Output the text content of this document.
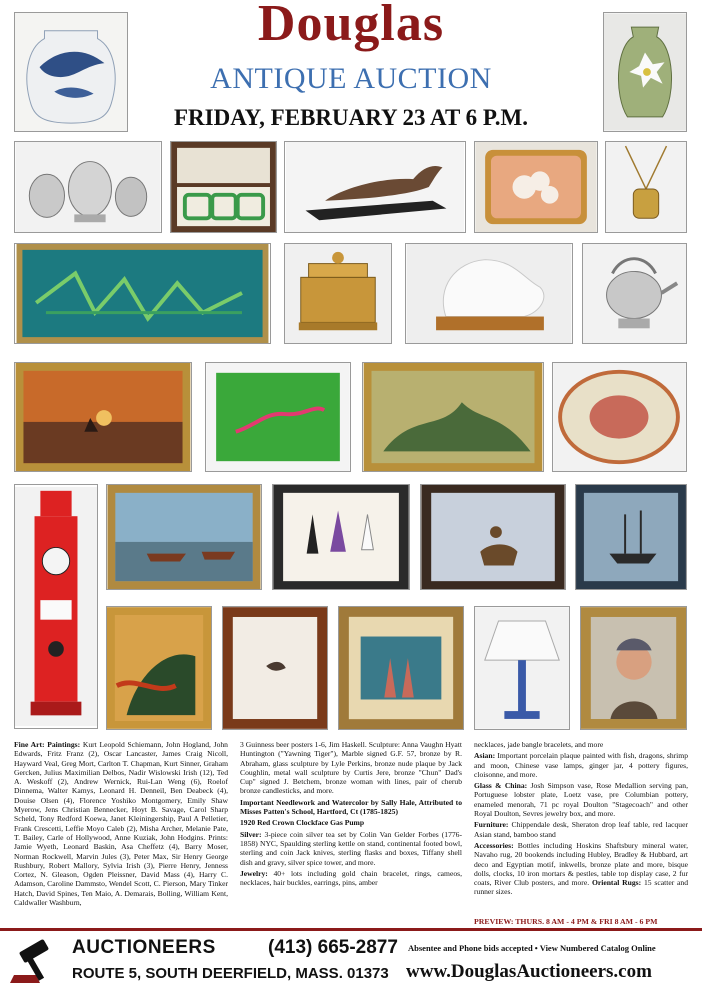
Douglas
ANTIQUE AUCTION
FRIDAY, FEBRUARY 23 AT 6 P.M.

Fine Art: Paintings: Kurt Leopold Schiemann, John Hogland, John Edwards, Fritz Franz (2), Oscar Lancaster, James Craig Nicoll, Hayward Veal, Greg Mort, Carlton T. Chapman, Kurt Sinner, Graham Gercken, Julius Maximilian Delbos, Nadir Wislowski Irish (12), Ted A. Weskoff (2), Andrew Wernick, Rui-Lan Weng (6), Roelof Dinnema, Walter Kamys, Leonard H. Denneil, Ben Deabeck (4), Douise Olsen (4), Florence Yoshiko Montgomery, Emily Shaw Myerow, Jens Christian Bennecker, Hoyt B. Savage, Carol Sharp Scheld, Tony Redford Koewa, Janet Kleiningership, Paul A Pelletier, Frank Crescetti, Leffie Moyo Caleb (2), Misha Archer, Melanie Pate, T. Bailey, Carle of Hollywood, Anne Kuziak, John Hodgins. Prints: Jamie Wyeth, Leonard Baskin, Asa Cheffetz (4), Barry Moser, Norman Rockwell, Marvin Jules (3), Peter Max, Sir Henry George Rushbury, Robert Mallory, Sylvia Irish (3), Pierre Henry, Jenness Cortez, N. Gleason, Ogden Pleissner, David Mass (4), Harry C. Adamson, Caroline Dammsto, Wendel Scott, C. Pierson, Mary Tinker Hatch, David Spines, Ten Maio, A. Demarais, Bolling, William Kent, Caldwaller Washburn,

3 Guinness beer posters 1-6, Jim Haskell. Sculpture: Anna Vaughn Hyatt Huntington ("Yawning Tiger"), Marble signed G.F. 57, bronze by R. Abraham, glass sculpture by Lyle Perkins, bronze nude plaque by Jack Coughlin, metal wall sculpture by Curtis Jere, bronze "Chun" Dad's Cup" signed J. Betchem, bronze woman with lines, pair of cherub bronze candlesticks, and more.

Important Needlework and Watercolor by Sally Hale, Attributed to Misses Patten's School, Hartford, Ct (1785-1825)

1920 Red Crown Clockface Gas Pump

Silver: 3-piece coin silver tea set by Colin Van Gelder Forbes (1776-1858) NYC, Spaulding sterling kettle on stand, continental footed bowl, sterling and coin Jack knives, sterling flasks and boxes, Tiffany shell dish and gravy, silver spice tower, and more.

Jewelry: 40+ lots including gold chain bracelet, rings, cameos, necklaces, hair buckles, earrings, pins, amber

necklaces, jade bangle bracelets, and more

Asian: Important porcelain plaque painted with fish, dragons, shrimp and moon, Chinese vase lamps, ginger jar, 4 pottery figures, cloisonne, and more.

Glass & China: Josh Simpson vase, Rose Medallion serving pan, Portuguese lobster plate, Loetz vase, pre Columbian pottery, enameled menorah, 71 pc royal Doulton "Stagecoach" and other Royal Doulton, Sevres jewelry box, and more.

Furniture: Chippendale desk, Sheraton drop leaf table, red lacquer Asian stand, bamboo stand

Accessories: Bottles including Hoskins Shaftsbury mineral water, Navaho rug, 20 bookends including Hubley, Bradley & Hubbard, art deco and Egyptian motif, inkwells, bronze plate and more, bisque dolls, clocks, 10 iron mortars & pestles, table top display case, 2 fur coats, River Club posters, and more. Oriental Rugs: 15 scatter and runner sizes.

PREVIEW: THURS. 8 AM - 4 PM & FRI 8 AM - 6 PM
AUCTIONEERS	(413) 665-2877
ROUTE 5, SOUTH DEERFIELD, MASS. 01373
Absentee and Phone bids accepted • View Numbered Catalog Online
www.DouglasAuctioneers.com
